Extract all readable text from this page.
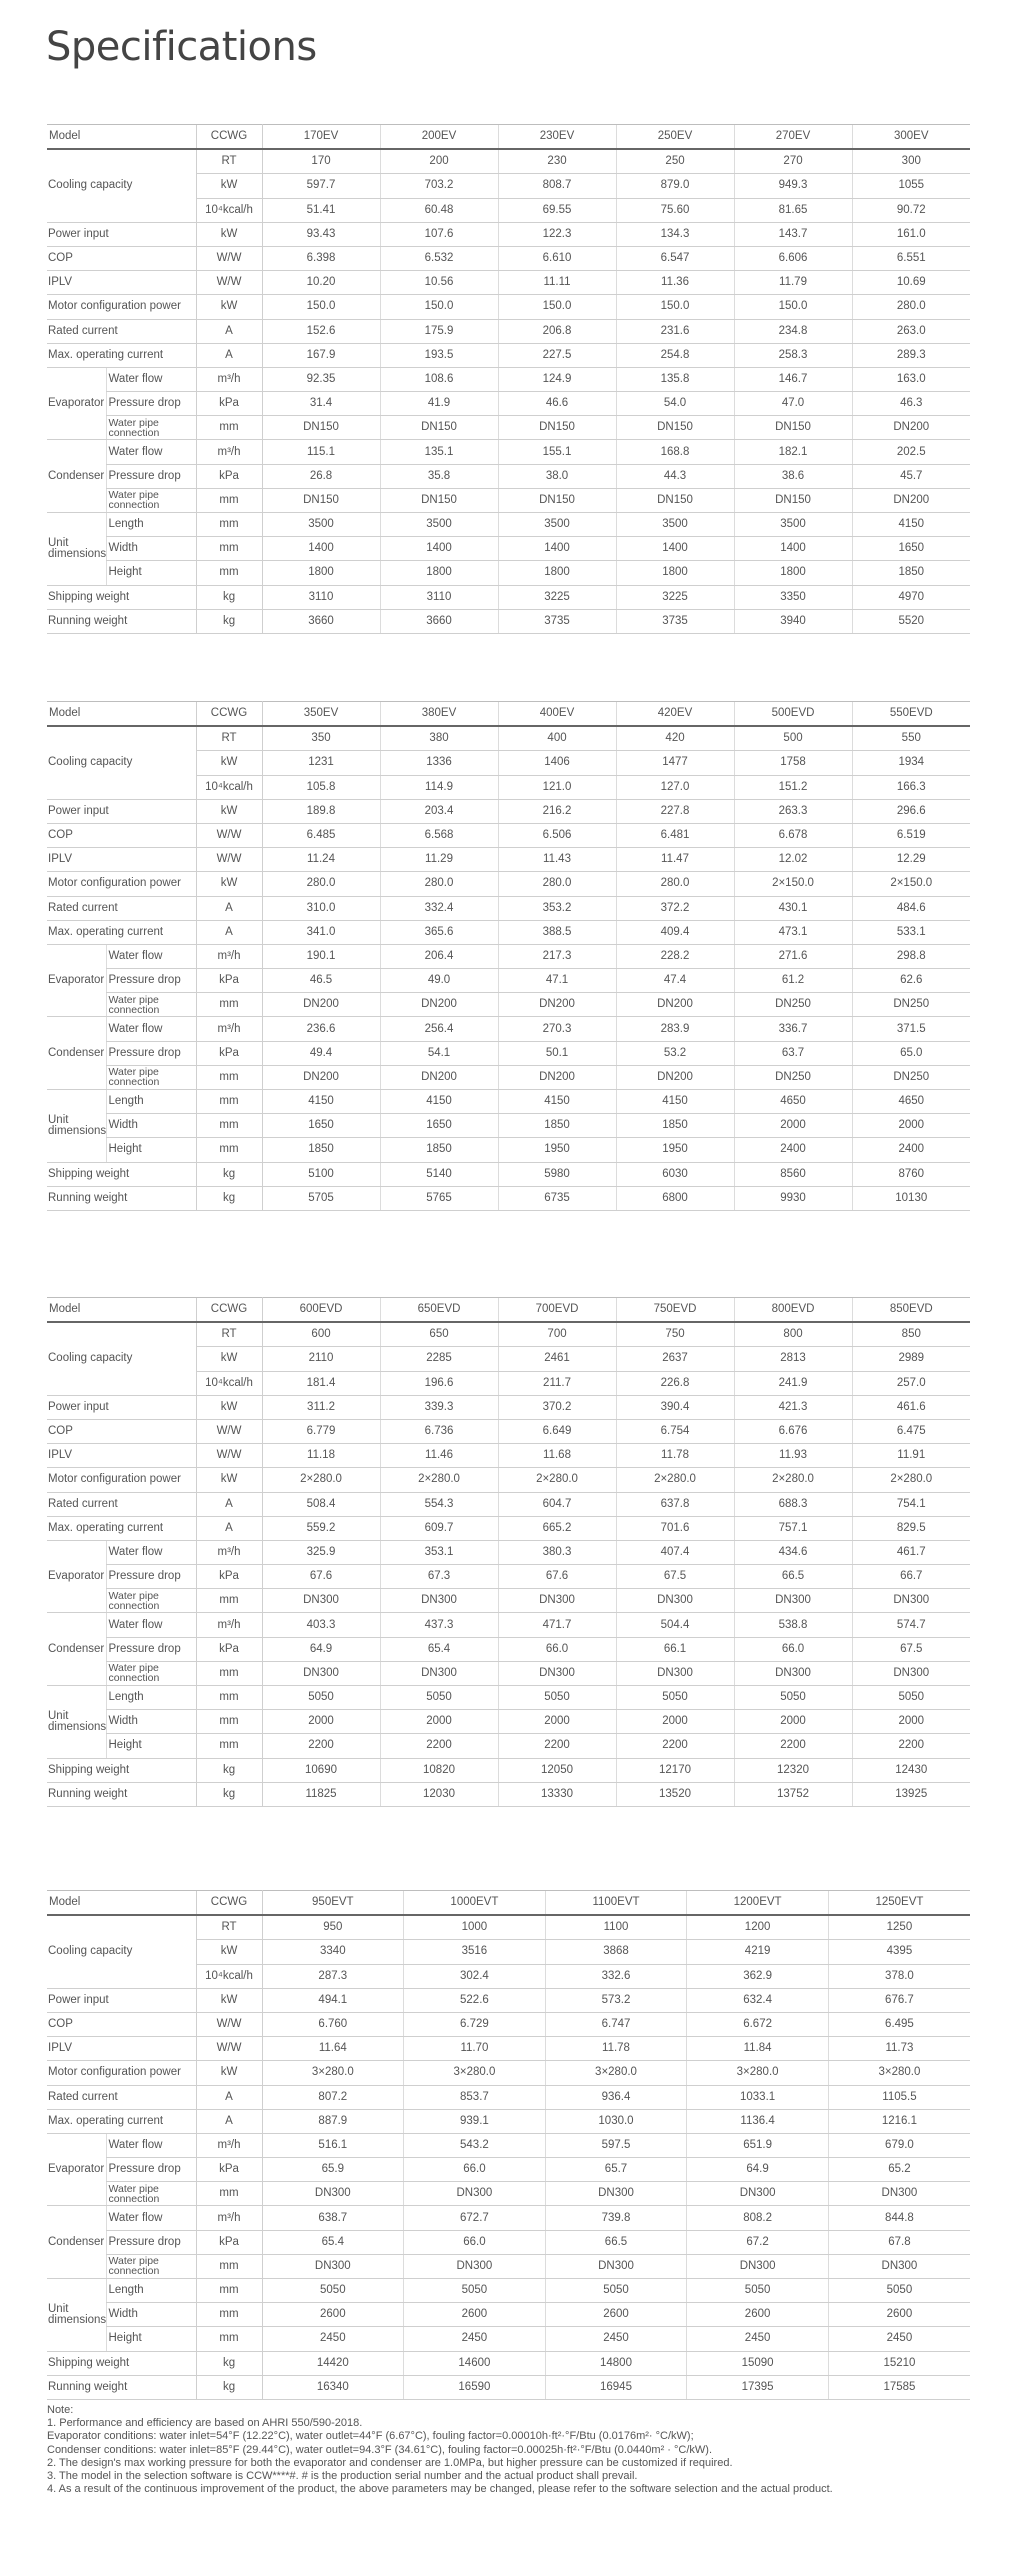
Specifications
Model		CCWG	170EV	200EV	230EV	250EV	270EV	300EV
Cooling capacity		RT	170	200	230	250	270	300
		kW	597.7	703.2	808.7	879.0	949.3	1055
		10⁴kcal/h	51.41	60.48	69.55	75.60	81.65	90.72
Power input		kW	93.43	107.6	122.3	134.3	143.7	161.0
COP		W/W	6.398	6.532	6.610	6.547	6.606	6.551
IPLV		W/W	10.20	10.56	11.11	11.36	11.79	10.69
Motor configuration power		kW	150.0	150.0	150.0	150.0	150.0	280.0
Rated current		A	152.6	175.9	206.8	231.6	234.8	263.0
Max. operating current		A	167.9	193.5	227.5	254.8	258.3	289.3
Evaporator	Water flow	m³/h	92.35	108.6	124.9	135.8	146.7	163.0
	Pressure drop	kPa	31.4	41.9	46.6	54.0	47.0	46.3
	Water pipe connection	mm	DN150	DN150	DN150	DN150	DN150	DN200
Condenser	Water flow	m³/h	115.1	135.1	155.1	168.8	182.1	202.5
	Pressure drop	kPa	26.8	35.8	38.0	44.3	38.6	45.7
	Water pipe connection	mm	DN150	DN150	DN150	DN150	DN150	DN200
Unit dimensions	Length	mm	3500	3500	3500	3500	3500	4150
	Width	mm	1400	1400	1400	1400	1400	1650
	Height	mm	1800	1800	1800	1800	1800	1850
Shipping weight		kg	3110	3110	3225	3225	3350	4970
Running weight		kg	3660	3660	3735	3735	3940	5520
Model		CCWG	350EV	380EV	400EV	420EV	500EVD	550EVD
Cooling capacity		RT	350	380	400	420	500	550
		kW	1231	1336	1406	1477	1758	1934
		10⁴kcal/h	105.8	114.9	121.0	127.0	151.2	166.3
Power input		kW	189.8	203.4	216.2	227.8	263.3	296.6
COP		W/W	6.485	6.568	6.506	6.481	6.678	6.519
IPLV		W/W	11.24	11.29	11.43	11.47	12.02	12.29
Motor configuration power		kW	280.0	280.0	280.0	280.0	2×150.0	2×150.0
Rated current		A	310.0	332.4	353.2	372.2	430.1	484.6
Max. operating current		A	341.0	365.6	388.5	409.4	473.1	533.1
Evaporator	Water flow	m³/h	190.1	206.4	217.3	228.2	271.6	298.8
	Pressure drop	kPa	46.5	49.0	47.1	47.4	61.2	62.6
	Water pipe connection	mm	DN200	DN200	DN200	DN200	DN250	DN250
Condenser	Water flow	m³/h	236.6	256.4	270.3	283.9	336.7	371.5
	Pressure drop	kPa	49.4	54.1	50.1	53.2	63.7	65.0
	Water pipe connection	mm	DN200	DN200	DN200	DN200	DN250	DN250
Unit dimensions	Length	mm	4150	4150	4150	4150	4650	4650
	Width	mm	1650	1650	1850	1850	2000	2000
	Height	mm	1850	1850	1950	1950	2400	2400
Shipping weight		kg	5100	5140	5980	6030	8560	8760
Running weight		kg	5705	5765	6735	6800	9930	10130
Model		CCWG	600EVD	650EVD	700EVD	750EVD	800EVD	850EVD
Cooling capacity		RT	600	650	700	750	800	850
		kW	2110	2285	2461	2637	2813	2989
		10⁴kcal/h	181.4	196.6	211.7	226.8	241.9	257.0
Power input		kW	311.2	339.3	370.2	390.4	421.3	461.6
COP		W/W	6.779	6.736	6.649	6.754	6.676	6.475
IPLV		W/W	11.18	11.46	11.68	11.78	11.93	11.91
Motor configuration power		kW	2×280.0	2×280.0	2×280.0	2×280.0	2×280.0	2×280.0
Rated current		A	508.4	554.3	604.7	637.8	688.3	754.1
Max. operating current		A	559.2	609.7	665.2	701.6	757.1	829.5
Evaporator	Water flow	m³/h	325.9	353.1	380.3	407.4	434.6	461.7
	Pressure drop	kPa	67.6	67.3	67.6	67.5	66.5	66.7
	Water pipe connection	mm	DN300	DN300	DN300	DN300	DN300	DN300
Condenser	Water flow	m³/h	403.3	437.3	471.7	504.4	538.8	574.7
	Pressure drop	kPa	64.9	65.4	66.0	66.1	66.0	67.5
	Water pipe connection	mm	DN300	DN300	DN300	DN300	DN300	DN300
Unit dimensions	Length	mm	5050	5050	5050	5050	5050	5050
	Width	mm	2000	2000	2000	2000	2000	2000
	Height	mm	2200	2200	2200	2200	2200	2200
Shipping weight		kg	10690	10820	12050	12170	12320	12430
Running weight		kg	11825	12030	13330	13520	13752	13925
Model		CCWG	950EVT	1000EVT	1100EVT	1200EVT	1250EVT
Cooling capacity		RT	950	1000	1100	1200	1250
		kW	3340	3516	3868	4219	4395
		10⁴kcal/h	287.3	302.4	332.6	362.9	378.0
Power input		kW	494.1	522.6	573.2	632.4	676.7
COP		W/W	6.760	6.729	6.747	6.672	6.495
IPLV		W/W	11.64	11.70	11.78	11.84	11.73
Motor configuration power		kW	3×280.0	3×280.0	3×280.0	3×280.0	3×280.0
Rated current		A	807.2	853.7	936.4	1033.1	1105.5
Max. operating current		A	887.9	939.1	1030.0	1136.4	1216.1
Evaporator	Water flow	m³/h	516.1	543.2	597.5	651.9	679.0
	Pressure drop	kPa	65.9	66.0	65.7	64.9	65.2
	Water pipe connection	mm	DN300	DN300	DN300	DN300	DN300
Condenser	Water flow	m³/h	638.7	672.7	739.8	808.2	844.8
	Pressure drop	kPa	65.4	66.0	66.5	67.2	67.8
	Water pipe connection	mm	DN300	DN300	DN300	DN300	DN300
Unit dimensions	Length	mm	5050	5050	5050	5050	5050
	Width	mm	2600	2600	2600	2600	2600
	Height	mm	2450	2450	2450	2450	2450
Shipping weight		kg	14420	14600	14800	15090	15210
Running weight		kg	16340	16590	16945	17395	17585
Note:
1. Performance and efficiency are based on AHRI 550/590-2018.
Evaporator conditions: water inlet=54°F (12.22°C), water outlet=44°F (6.67°C), fouling factor=0.00010h·ft²·°F/Btu (0.0176m²· °C/kW);
Condenser conditions: water inlet=85°F (29.44°C), water outlet=94.3°F (34.61°C), fouling factor=0.00025h·ft²·°F/Btu (0.0440m² · °C/kW).
2. The design's max working pressure for both the evaporator and condenser are 1.0MPa, but higher pressure can be customized if required.
3. The model in the selection software is CCW****#. # is the production serial number and the actual product shall prevail.
4. As a result of the continuous improvement of the product, the above parameters may be changed, please refer to the software selection and the actual product.
